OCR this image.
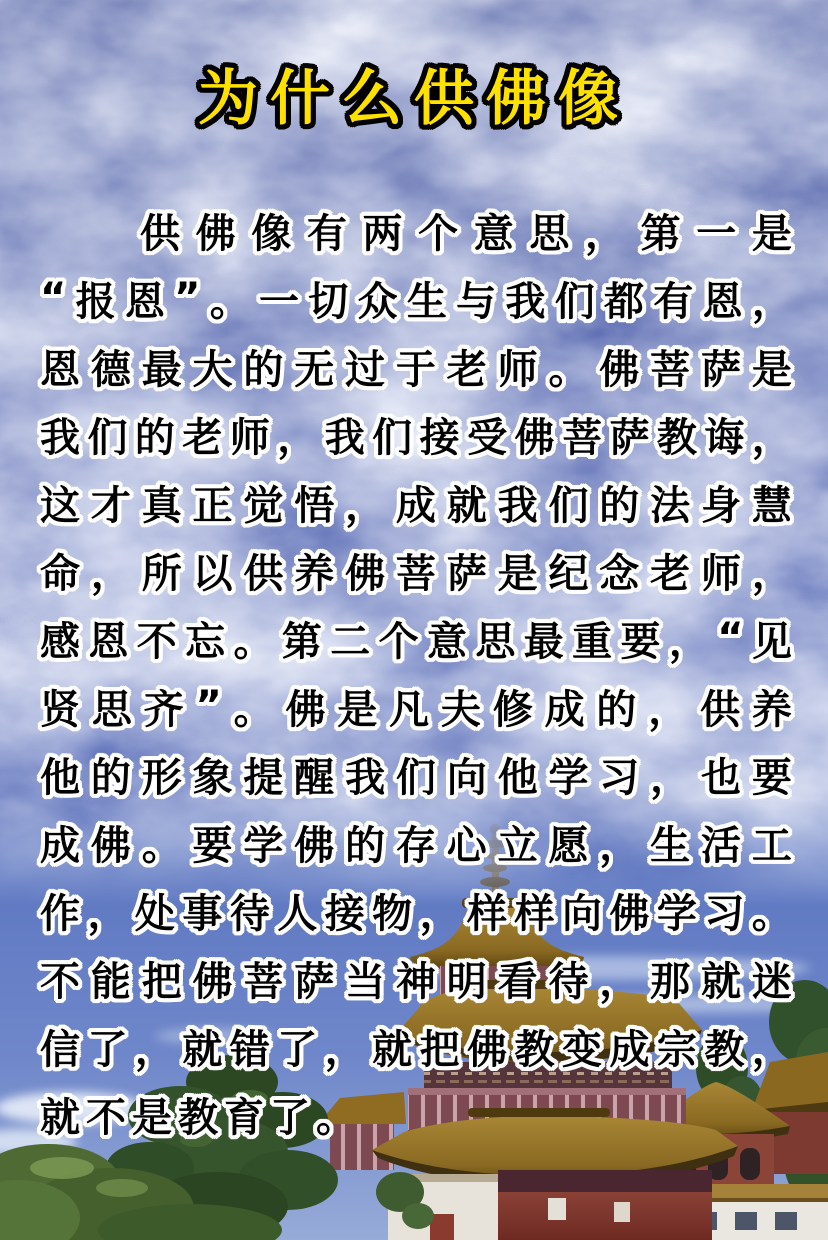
为什么供佛像
供 佛 像 有 两 个 意 思 ， 第 一 是
“ 报 恩 ” 。 一 切 众 生 与 我 们 都 有 恩 ，
恩 德 最 大 的 无 过 于 老 师 。 佛 菩 萨 是
我 们 的 老 师 ， 我 们 接 受 佛 菩 萨 教 诲 ，
这 才 真 正 觉 悟 ， 成 就 我 们 的 法 身 慧
命 ， 所 以 供 养 佛 菩 萨 是 纪 念 老 师 ，
感 恩 不 忘 。 第 二 个 意 思 最 重 要 ， “ 见
贤 思 齐 ” 。 佛 是 凡 夫 修 成 的 ， 供 养
他 的 形 象 提 醒 我 们 向 他 学 习 ， 也 要
成 佛 。 要 学 佛 的 存 心 立 愿 ， 生 活 工
作 ， 处 事 待 人 接 物 ， 样 样 向 佛 学 习 。
不 能 把 佛 菩 萨 当 神 明 看 待 ， 那 就 迷
信 了 ， 就 错 了 ， 就 把 佛 教 变 成 宗 教 ，
就 不 是 教 育 了 。
